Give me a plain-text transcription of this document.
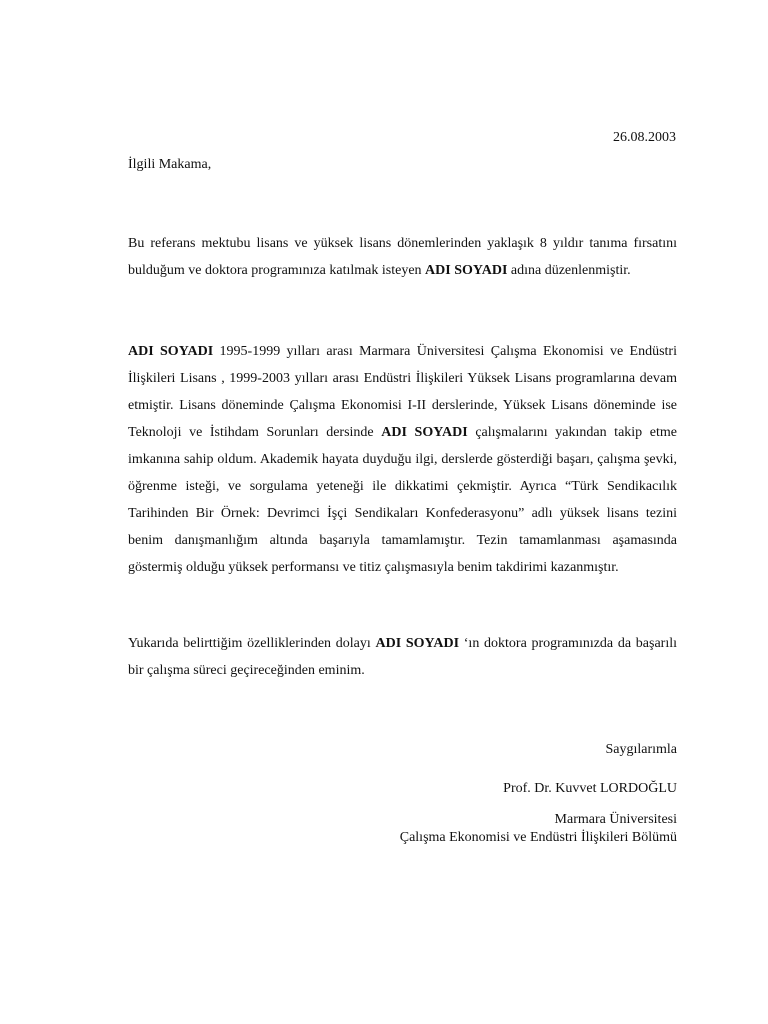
26.08.2003
İlgili Makama,

Bu referans mektubu lisans ve yüksek lisans dönemlerinden yaklaşık 8 yıldır tanıma fırsatını bulduğum ve doktora programınıza katılmak isteyen ADI SOYADI adına düzenlenmiştir.

ADI SOYADI 1995-1999 yılları arası Marmara Üniversitesi Çalışma Ekonomisi ve Endüstri İlişkileri Lisans , 1999-2003 yılları arası Endüstri İlişkileri Yüksek Lisans programlarına devam etmiştir. Lisans döneminde Çalışma Ekonomisi I-II derslerinde, Yüksek Lisans döneminde ise Teknoloji ve İstihdam Sorunları dersinde ADI SOYADI çalışmalarını yakından takip etme imkanına sahip oldum. Akademik hayata duyduğu ilgi, derslerde gösterdiği başarı, çalışma şevki, öğrenme isteği, ve sorgulama yeteneği ile dikkatimi çekmiştir. Ayrıca “Türk Sendikacılık Tarihinden Bir Örnek: Devrimci İşçi Sendikaları Konfederasyonu” adlı yüksek lisans tezini benim danışmanlığım altında başarıyla tamamlamıştır. Tezin tamamlanması aşamasında göstermiş olduğu yüksek performansı ve titiz çalışmasıyla benim takdirimi kazanmıştır.

Yukarıda belirttiğim özelliklerinden dolayı ADI SOYADI ‘ın doktora programınızda da başarılı bir çalışma süreci geçireceğinden eminim.

Saygılarımla
Prof. Dr. Kuvvet LORDOĞLU
Marmara Üniversitesi
Çalışma Ekonomisi ve Endüstri İlişkileri Bölümü
